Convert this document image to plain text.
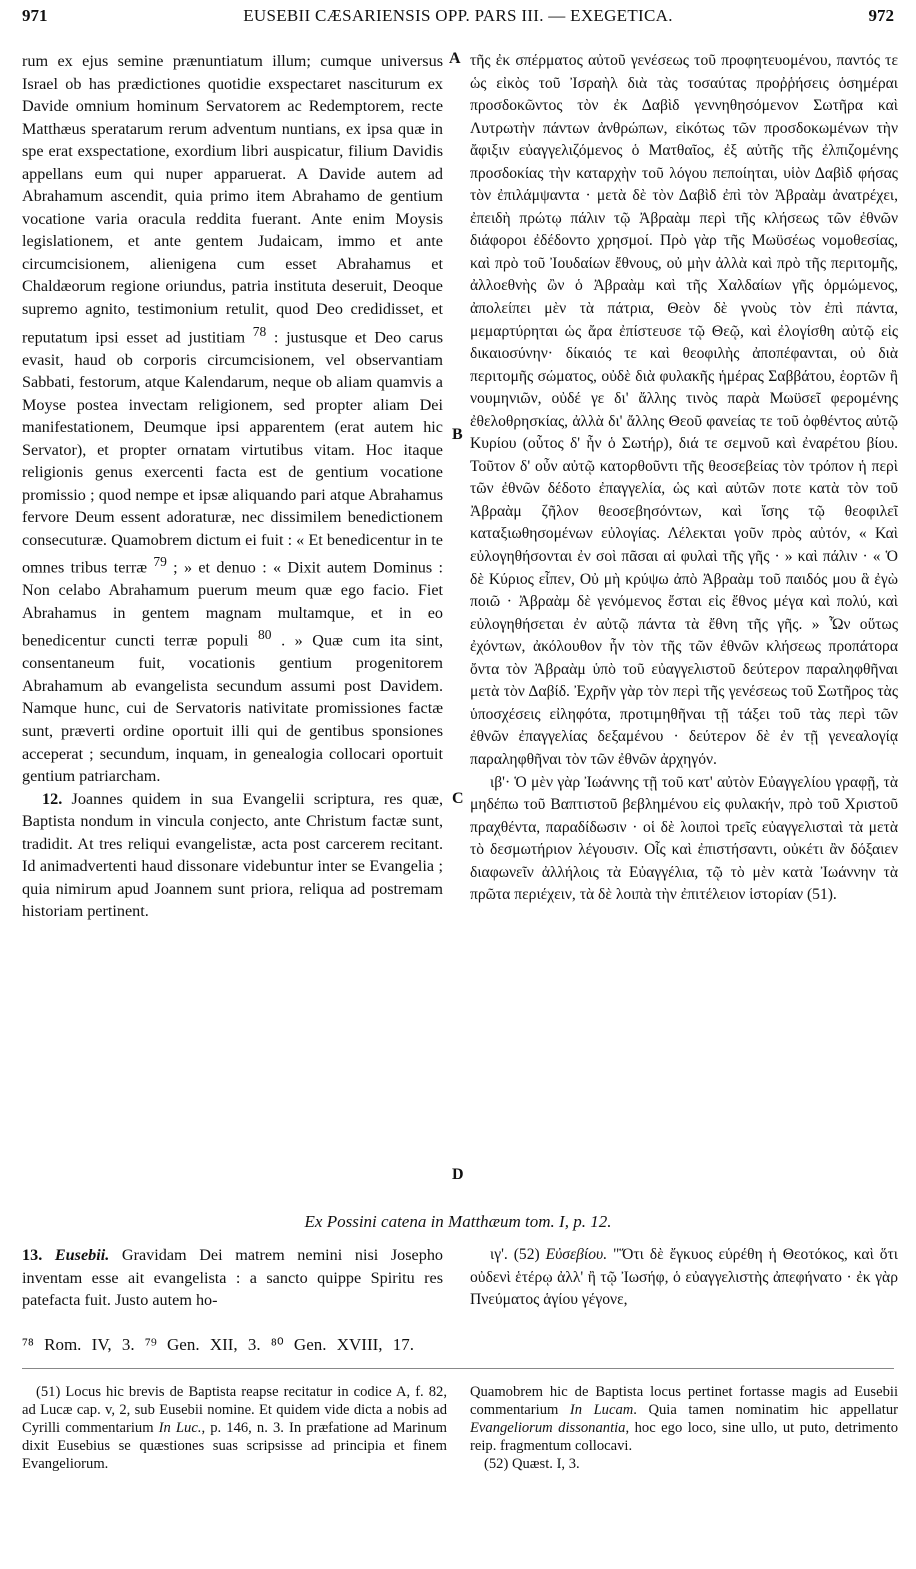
971	EUSEBII CÆSARIENSIS OPP. PARS III. — EXEGETICA.	972

rum ex ejus semine prænuntiatum illum; cumque universus Israel ob has prædictiones quotidie exspectaret nasciturum ex Davide omnium hominum Servatorem ac Redemptorem, recte Matthæus speratarum rerum adventum nuntians, ex ipsa quæ in spe erat exspectatione, exordium libri auspicatur, filium Davidis appellans eum qui nuper apparuerat. A Davide autem ad Abrahamum ascendit, quia primo item Abrahamo de gentium vocatione varia oracula reddita fuerant. Ante enim Moysis legislationem, et ante gentem Judaicam, immo et ante circumcisionem, alienigena cum esset Abrahamus et Chaldæorum regione oriundus, patria instituta deseruit, Deoque supremo agnito, testimonium retulit, quod Deo credidisset, et reputatum ipsi esset ad justitiam $^{78}$ : justusque et Deo carus evasit, haud ob corporis circumcisionem, vel observantiam Sabbati, festorum, atque Kalendarum, neque ob aliam quamvis a Moyse postea invectam religionem, sed propter aliam Dei manifestationem, Deumque ipsi apparentem (erat autem hic Servator), et propter ornatam virtutibus vitam. Hoc itaque religionis genus exercenti facta est de gentium vocatione promissio ; quod nempe et ipsæ aliquando pari atque Abrahamus fervore Deum essent adoraturæ, nec dissimilem benedictionem consecuturæ. Quamobrem dictum ei fuit : « Et benedicentur in te omnes tribus terræ $^{79}$ ; » et denuo : « Dixit autem Dominus : Non celabo Abrahamum puerum meum quæ ego facio. Fiet Abrahamus in gentem magnam multamque, et in eo benedicentur cuncti terræ populi $^{80}$ . » Quæ cum ita sint, consentaneum fuit, vocationis gentium progenitorem Abrahamum ab evangelista secundum assumi post Davidem. Namque hunc, cui de Servatoris nativitate promissiones factæ sunt, præverti ordine oportuit illi qui de gentibus sponsiones acceperat ; secundum, inquam, in genealogia collocari oportuit gentium patriarcham.

12. Joannes quidem in sua Evangelii scriptura, res quæ, Baptista nondum in vincula conjecto, ante Christum factæ sunt, tradidit. At tres reliqui evangelistæ, acta post carcerem recitant. Id animadvertenti haud dissonare videbuntur inter se Evangelia ; quia nimirum apud Joannem sunt priora, reliqua ad postremam historiam pertinent.

A
B
C
D

τῆς ἐκ σπέρματος αὐτοῦ γενέσεως τοῦ προφητευομένου, παντός τε ὡς εἰκὸς τοῦ Ἰσραὴλ διὰ τὰς τοσαύτας προῤῥήσεις ὁσημέραι προσδοκῶντος τὸν ἐκ Δαβὶδ γεννηθησόμενον Σωτῆρα καὶ Λυτρωτὴν πάντων ἀνθρώπων, εἰκότως τῶν προσδοκωμένων τὴν ἄφιξιν εὐαγγελιζόμενος ὁ Ματθαῖος, ἐξ αὐτῆς τῆς ἐλπιζομένης προσδοκίας τὴν καταρχὴν τοῦ λόγου πεποίηται, υἱὸν Δαβὶδ φήσας τὸν ἐπιλάμψαντα · μετὰ δὲ τὸν Δαβὶδ ἐπὶ τὸν Ἀβραὰμ ἀνατρέχει, ἐπειδὴ πρώτῳ πάλιν τῷ Ἀβραὰμ περὶ τῆς κλήσεως τῶν ἐθνῶν διάφοροι ἐδέδοντο χρησμοί. Πρὸ γὰρ τῆς Μωϋσέως νομοθεσίας, καὶ πρὸ τοῦ Ἰουδαίων ἔθνους, οὐ μὴν ἀλλὰ καὶ πρὸ τῆς περιτομῆς, ἀλλοεθνὴς ὢν ὁ Ἀβραὰμ καὶ τῆς Χαλδαίων γῆς ὁρμώμενος, ἀπολείπει μὲν τὰ πάτρια, Θεὸν δὲ γνοὺς τὸν ἐπὶ πάντα, μεμαρτύρηται ὡς ἄρα ἐπίστευσε τῷ Θεῷ, καὶ ἐλογίσθη αὐτῷ εἰς δικαιοσύνην· δίκαιός τε καὶ θεοφιλὴς ἀποπέφανται, οὐ διὰ περιτομῆς σώματος, οὐδὲ διὰ φυλακῆς ἡμέρας Σαββάτου, ἑορτῶν ἢ νουμηνιῶν, οὐδέ γε δι' ἄλλης τινὸς παρὰ Μωϋσεῖ φερομένης ἐθελοθρησκίας, ἀλλὰ δι' ἄλλης Θεοῦ φανείας τε τοῦ ὀφθέντος αὐτῷ Κυρίου (οὗτος δ' ἦν ὁ Σωτήρ), διά τε σεμνοῦ καὶ ἐναρέτου βίου. Τοῦτον δ' οὖν αὐτῷ κατορθοῦντι τῆς θεοσεβείας τὸν τρόπον ἡ περὶ τῶν ἐθνῶν δέδοτο ἐπαγγελία, ὡς καὶ αὐτῶν ποτε κατὰ τὸν τοῦ Ἀβραὰμ ζῆλον θεοσεβησόντων, καὶ ἴσης τῷ θεοφιλεῖ καταξιωθησομένων εὐλογίας. Λέλεκται γοῦν πρὸς αὐτόν, « Καὶ εὐλογηθήσονται ἐν σοὶ πᾶσαι αἱ φυλαὶ τῆς γῆς · » καὶ πάλιν · « Ὁ δὲ Κύριος εἶπεν, Οὐ μὴ κρύψω ἀπὸ Ἀβραὰμ τοῦ παιδός μου ἃ ἐγὼ ποιῶ · Ἀβραὰμ δὲ γενόμενος ἔσται εἰς ἔθνος μέγα καὶ πολύ, καὶ εὐλογηθήσεται ἐν αὐτῷ πάντα τὰ ἔθνη τῆς γῆς. » Ὧν οὕτως ἐχόντων, ἀκόλουθον ἦν τὸν τῆς τῶν ἐθνῶν κλήσεως προπάτορα ὄντα τὸν Ἀβραὰμ ὑπὸ τοῦ εὐαγγελιστοῦ δεύτερον παραληφθῆναι μετὰ τὸν Δαβίδ. Ἐχρῆν γὰρ τὸν περὶ τῆς γενέσεως τοῦ Σωτῆρος τὰς ὑποσχέσεις εἰληφότα, προτιμηθῆναι τῇ τάξει τοῦ τὰς περὶ τῶν ἐθνῶν ἐπαγγελίας δεξαμένου · δεύτερον δὲ ἐν τῇ γενεαλογίᾳ παραληφθῆναι τὸν τῶν ἐθνῶν ἀρχηγόν.

ιβ'· Ὁ μὲν γὰρ Ἰωάννης τῇ τοῦ κατ' αὐτὸν Εὐαγγελίου γραφῇ, τὰ μηδέπω τοῦ Βαπτιστοῦ βεβλημένου εἰς φυλακήν, πρὸ τοῦ Χριστοῦ πραχθέντα, παραδίδωσιν · οἱ δὲ λοιποὶ τρεῖς εὐαγγελισταὶ τὰ μετὰ τὸ δεσμωτήριον λέγουσιν. Οἷς καὶ ἐπιστήσαντι, οὐκέτι ἂν δόξαιεν διαφωνεῖν ἀλλήλοις τὰ Εὐαγγέλια, τῷ τὸ μὲν κατὰ Ἰωάννην τὰ πρῶτα περιέχειν, τὰ δὲ λοιπὰ τὴν ἐπιτέλειον ἱστορίαν (51).

Ex Possini catena in Matthæum tom. I, p. 12.

13. Eusebii. Gravidam Dei matrem nemini nisi Josepho inventam esse ait evangelista : a sancto quippe Spiritu res patefacta fuit. Justo autem ho-

ιγ'. (52) Εὐσεβίου. "Ὅτι δὲ ἔγκυος εὑρέθη ἡ Θεοτόκος, καὶ ὅτι οὐδενὶ ἑτέρῳ ἀλλ' ἢ τῷ Ἰωσήφ, ὁ εὐαγγελιστὴς ἀπεφήνατο · ἐκ γὰρ Πνεύματος ἁγίου γέγονε,

⁷⁸ Rom. IV, 3. ⁷⁹ Gen. XII, 3. ⁸⁰ Gen. XVIII, 17.

(51) Locus hic brevis de Baptista reapse recitatur in codice A, f. 82, ad Lucæ cap. v, 2, sub Eusebii nomine. Et quidem vide dicta a nobis ad Cyrilli commentarium In Luc., p. 146, n. 3. In præfatione ad Marinum dixit Eusebius se quæstiones suas scripsisse ad principia et finem Evangeliorum.

Quamobrem hic de Baptista locus pertinet fortasse magis ad Eusebii commentarium In Lucam. Quia tamen nominatim hic appellatur Evangeliorum dissonantia, hoc ego loco, sine ullo, ut puto, detrimento reip. fragmentum collocavi.

(52) Quæst. I, 3.
